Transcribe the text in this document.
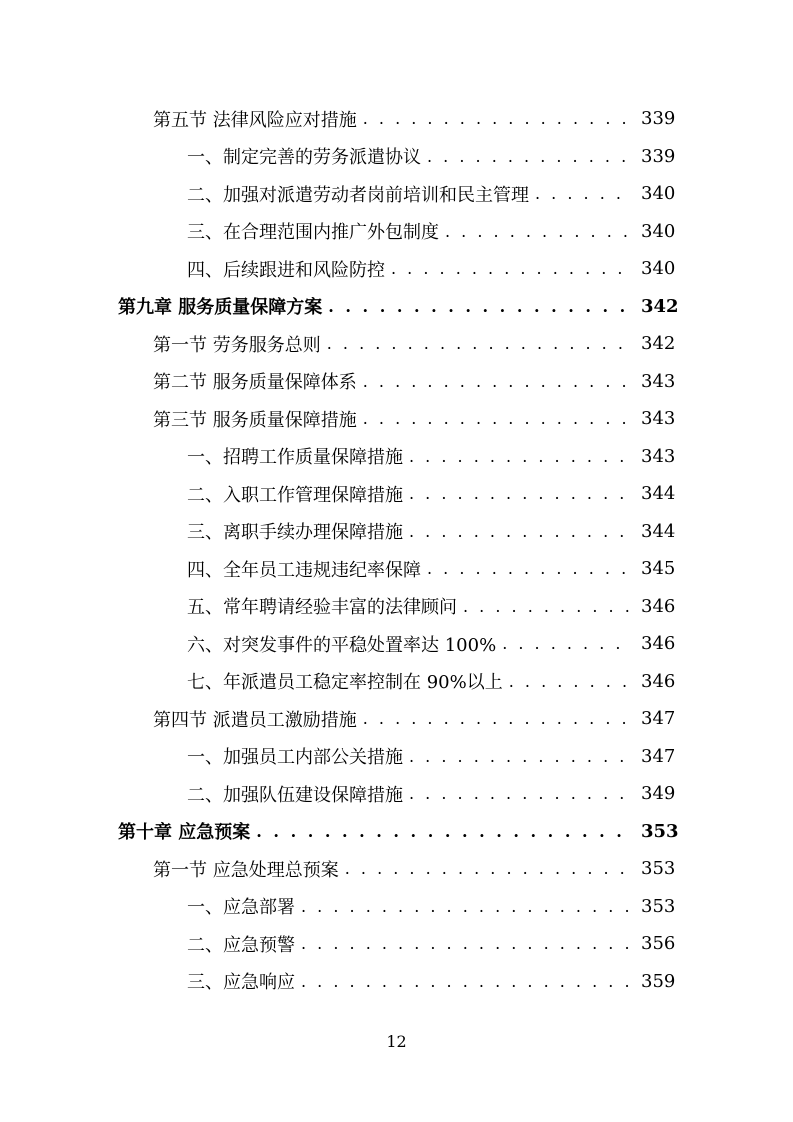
第五节 法律风险应对措施 . . .	339
一、制定完善的劳务派遣协议 . . .	339
二、加强对派遣劳动者岗前培训和民主管理 . . .	340
三、在合理范围内推广外包制度 . . .	340
四、后续跟进和风险防控 . . .	340
第九章 服务质量保障方案 . . .	342
第一节 劳务服务总则 . . .	342
第二节 服务质量保障体系 . . .	343
第三节 服务质量保障措施 . . .	343
一、招聘工作质量保障措施 . . .	343
二、入职工作管理保障措施 . . .	344
三、离职手续办理保障措施 . . .	344
四、全年员工违规违纪率保障 . . .	345
五、常年聘请经验丰富的法律顾问 . . .	346
六、对突发事件的平稳处置率达 100% . . .	346
七、年派遣员工稳定率控制在 90%以上 . . .	346
第四节 派遣员工激励措施 . . .	347
一、加强员工内部公关措施 . . .	347
二、加强队伍建设保障措施 . . .	349
第十章 应急预案 . . .	353
第一节 应急处理总预案 . . .	353
一、应急部署 . . .	353
二、应急预警 . . .	356
三、应急响应 . . .	359
12
